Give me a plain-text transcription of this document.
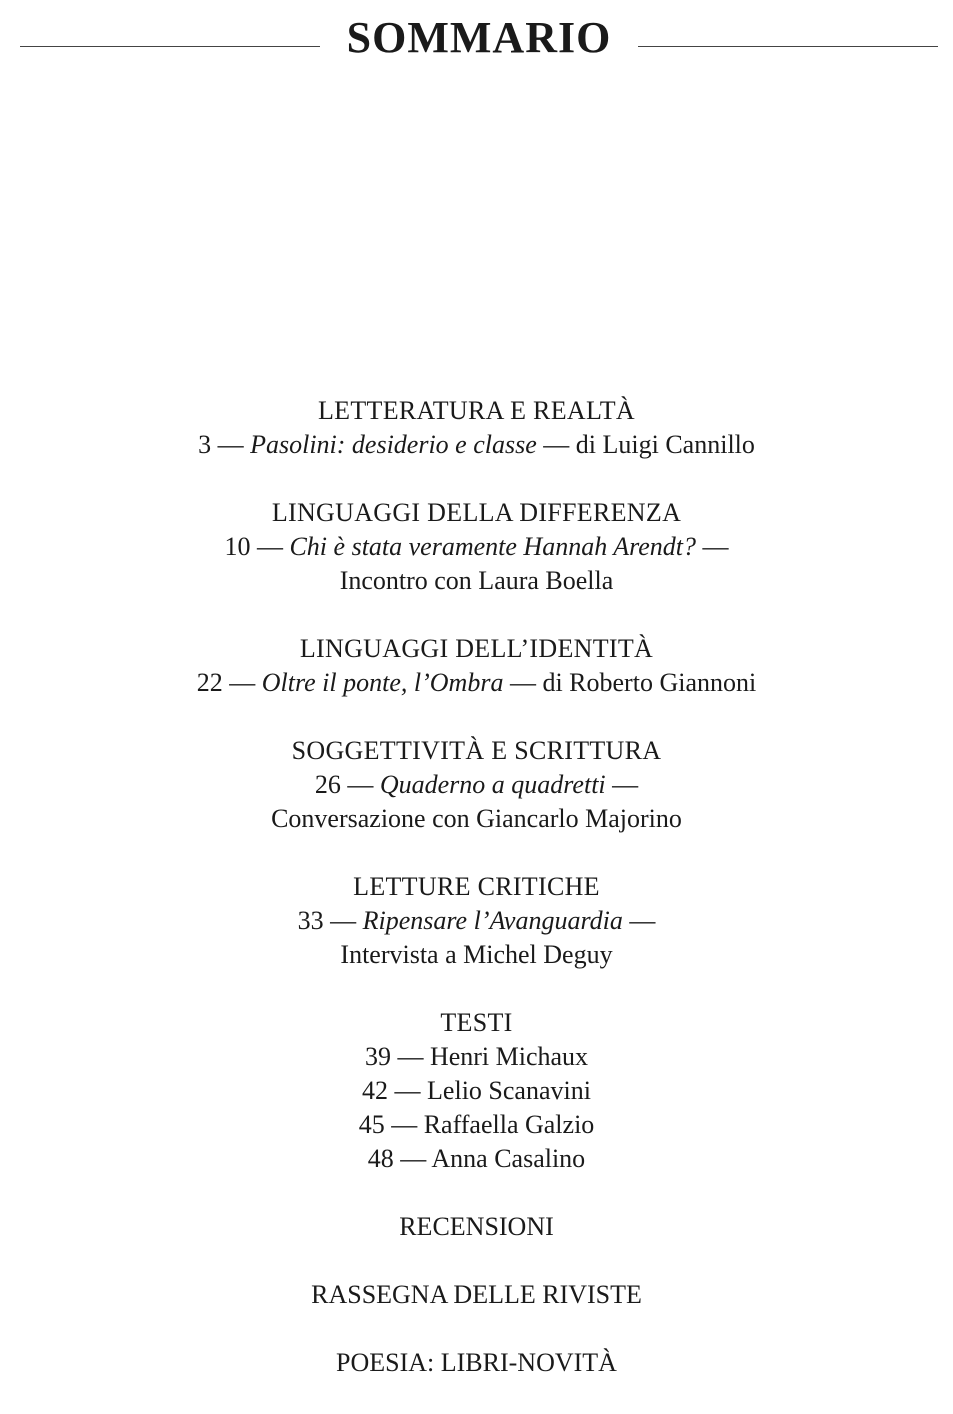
SOMMARIO
LETTERATURA E REALTÀ
3 — Pasolini: desiderio e classe — di Luigi Cannillo
LINGUAGGI DELLA DIFFERENZA
10 — Chi è stata veramente Hannah Arendt? —
Incontro con Laura Boella
LINGUAGGI DELL’IDENTITÀ
22 — Oltre il ponte, l’Ombra — di Roberto Giannoni
SOGGETTIVITÀ E SCRITTURA
26 — Quaderno a quadretti —
Conversazione con Giancarlo Majorino
LETTURE CRITICHE
33 — Ripensare l’Avanguardia —
Intervista a Michel Deguy
TESTI
39 — Henri Michaux
42 — Lelio Scanavini
45 — Raffaella Galzio
48 — Anna Casalino
RECENSIONI
RASSEGNA DELLE RIVISTE
POESIA: LIBRI-NOVITÀ
